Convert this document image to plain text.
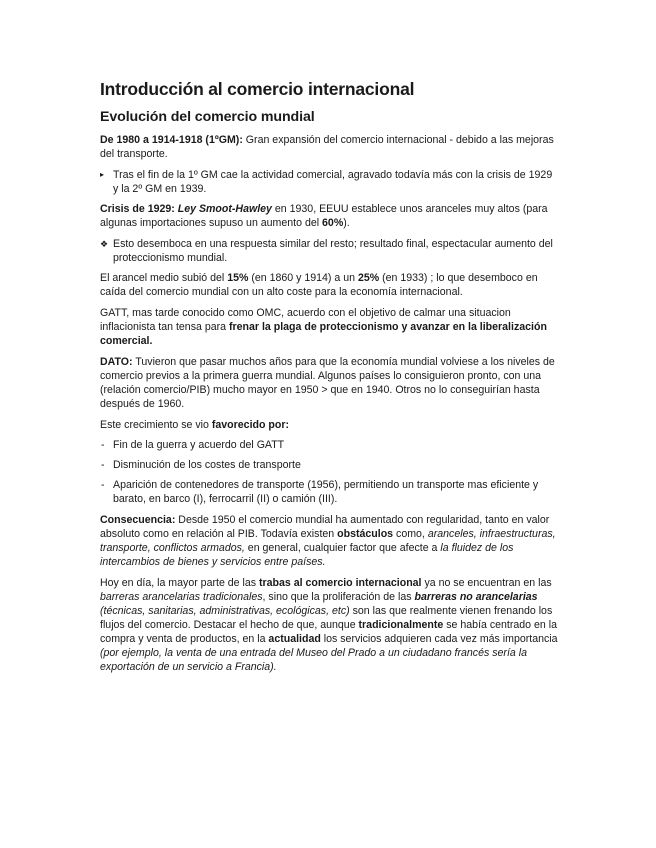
Introducción al comercio internacional
Evolución del comercio mundial

De 1980 a 1914-1918 (1ºGM): Gran expansión del comercio internacional - debido a las mejoras del transporte.

▸ Tras el fin de la 1º GM cae la actividad comercial, agravado todavía más con la crisis de 1929 y la 2º GM en 1939.

Crisis de 1929: Ley Smoot-Hawley en 1930, EEUU establece unos aranceles muy altos (para algunas importaciones supuso un aumento del 60%).

❖ Esto desemboca en una respuesta similar del resto; resultado final, espectacular aumento del proteccionismo mundial.

El arancel medio subió del 15% (en 1860 y 1914) a un 25% (en 1933) ; lo que desemboco en caída del comercio mundial con un alto coste para la economía internacional.

GATT, mas tarde conocido como OMC, acuerdo con el objetivo de calmar una situacion inflacionista tan tensa para frenar la plaga de proteccionismo y avanzar en la liberalización comercial.

DATO: Tuvieron que pasar muchos años para que la economía mundial volviese a los niveles de comercio previos a la primera guerra mundial. Algunos países lo consiguieron pronto, con una (relación comercio/PIB) mucho mayor en 1950 > que en 1940. Otros no lo conseguirían hasta después de 1960.

Este crecimiento se vio favorecido por:

- Fin de la guerra y acuerdo del GATT
- Disminución de los costes de transporte
- Aparición de contenedores de transporte (1956), permitiendo un transporte mas eficiente y barato, en barco (I), ferrocarril (II) o camión (III).

Consecuencia: Desde 1950 el comercio mundial ha aumentado con regularidad, tanto en valor absoluto como en relación al PIB. Todavía existen obstáculos como, aranceles, infraestructuras, transporte, conflictos armados, en general, cualquier factor que afecte a la fluidez de los intercambios de bienes y servicios entre países.

Hoy en día, la mayor parte de las trabas al comercio internacional ya no se encuentran en las barreras arancelarias tradicionales, sino que la proliferación de las barreras no arancelarias (técnicas, sanitarias, administrativas, ecológicas, etc) son las que realmente vienen frenando los flujos del comercio. Destacar el hecho de que, aunque tradicionalmente se había centrado en la compra y venta de productos, en la actualidad los servicios adquieren cada vez más importancia (por ejemplo, la venta de una entrada del Museo del Prado a un ciudadano francés sería la exportación de un servicio a Francia).
